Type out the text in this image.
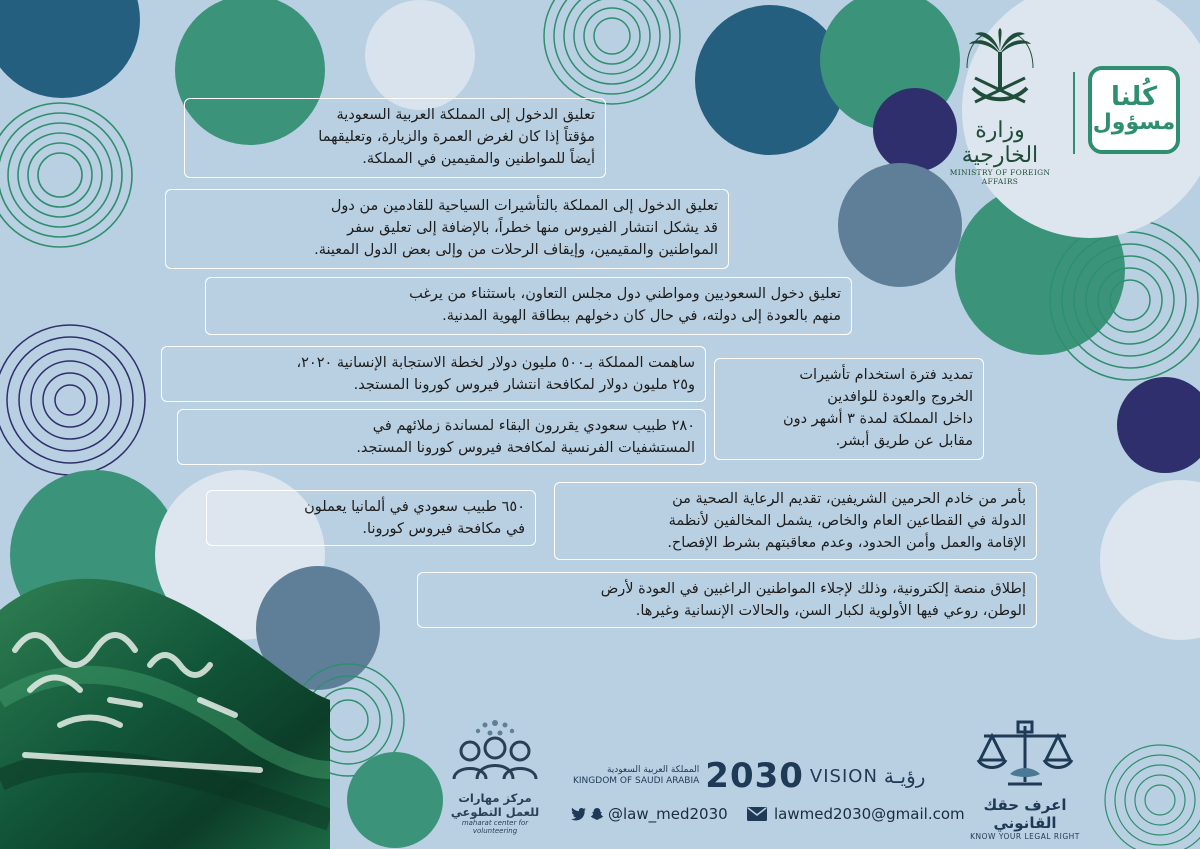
كُلنا
مسؤول
وزارة الخارجية
MINISTRY OF FOREIGN AFFAIRS
تعليق الدخول إلى المملكة العربية السعودية
مؤقتاً إذا كان لغرض العمرة والزيارة، وتعليقهما
أيضاً للمواطنين والمقيمين في المملكة.
تعليق الدخول إلى المملكة بالتأشيرات السياحية للقادمين من دول
قد يشكل انتشار الفيروس منها خطراً، بالإضافة إلى تعليق سفر
المواطنين والمقيمين، وإيقاف الرحلات من وإلى بعض الدول المعينة.
تعليق دخول السعوديين ومواطني دول مجلس التعاون، باستثناء من يرغب
منهم بالعودة إلى دولته، في حال كان دخولهم ببطاقة الهوية المدنية.
ساهمت المملكة بـ٥٠٠ مليون دولار لخطة الاستجابة الإنسانية ٢٠٢٠،
و٢٥ مليون دولار لمكافحة انتشار فيروس كورونا المستجد.
تمديد فترة استخدام تأشيرات
الخروج والعودة للوافدين
داخل المملكة لمدة ٣ أشهر دون
مقابل عن طريق أبشر.
٢٨٠ طبيب سعودي يقررون البقاء لمساندة زملائهم في
المستشفيات الفرنسية لمكافحة فيروس كورونا المستجد.
٦٥٠ طبيب سعودي في ألمانيا يعملون
في مكافحة فيروس كورونا.
بأمر من خادم الحرمين الشريفين، تقديم الرعاية الصحية من
الدولة في القطاعين العام والخاص، يشمل المخالفين لأنظمة
الإقامة والعمل وأمن الحدود، وعدم معاقبتهم بشرط الإفصاح.
إطلاق منصة إلكترونية، وذلك لإجلاء المواطنين الراغبين في العودة لأرض
الوطن، روعي فيها الأولوية لكبار السن، والحالات الإنسانية وغيرها.
مركز مهارات للعمل التطوعي
maharat center for volunteering
@law_med2030	lawmed2030@gmail.com
المملكة العربية السعودية
KINGDOM OF SAUDI ARABIA 2030 VISION رؤيـة
اعرف حقك القانوني
KNOW YOUR LEGAL RIGHT
